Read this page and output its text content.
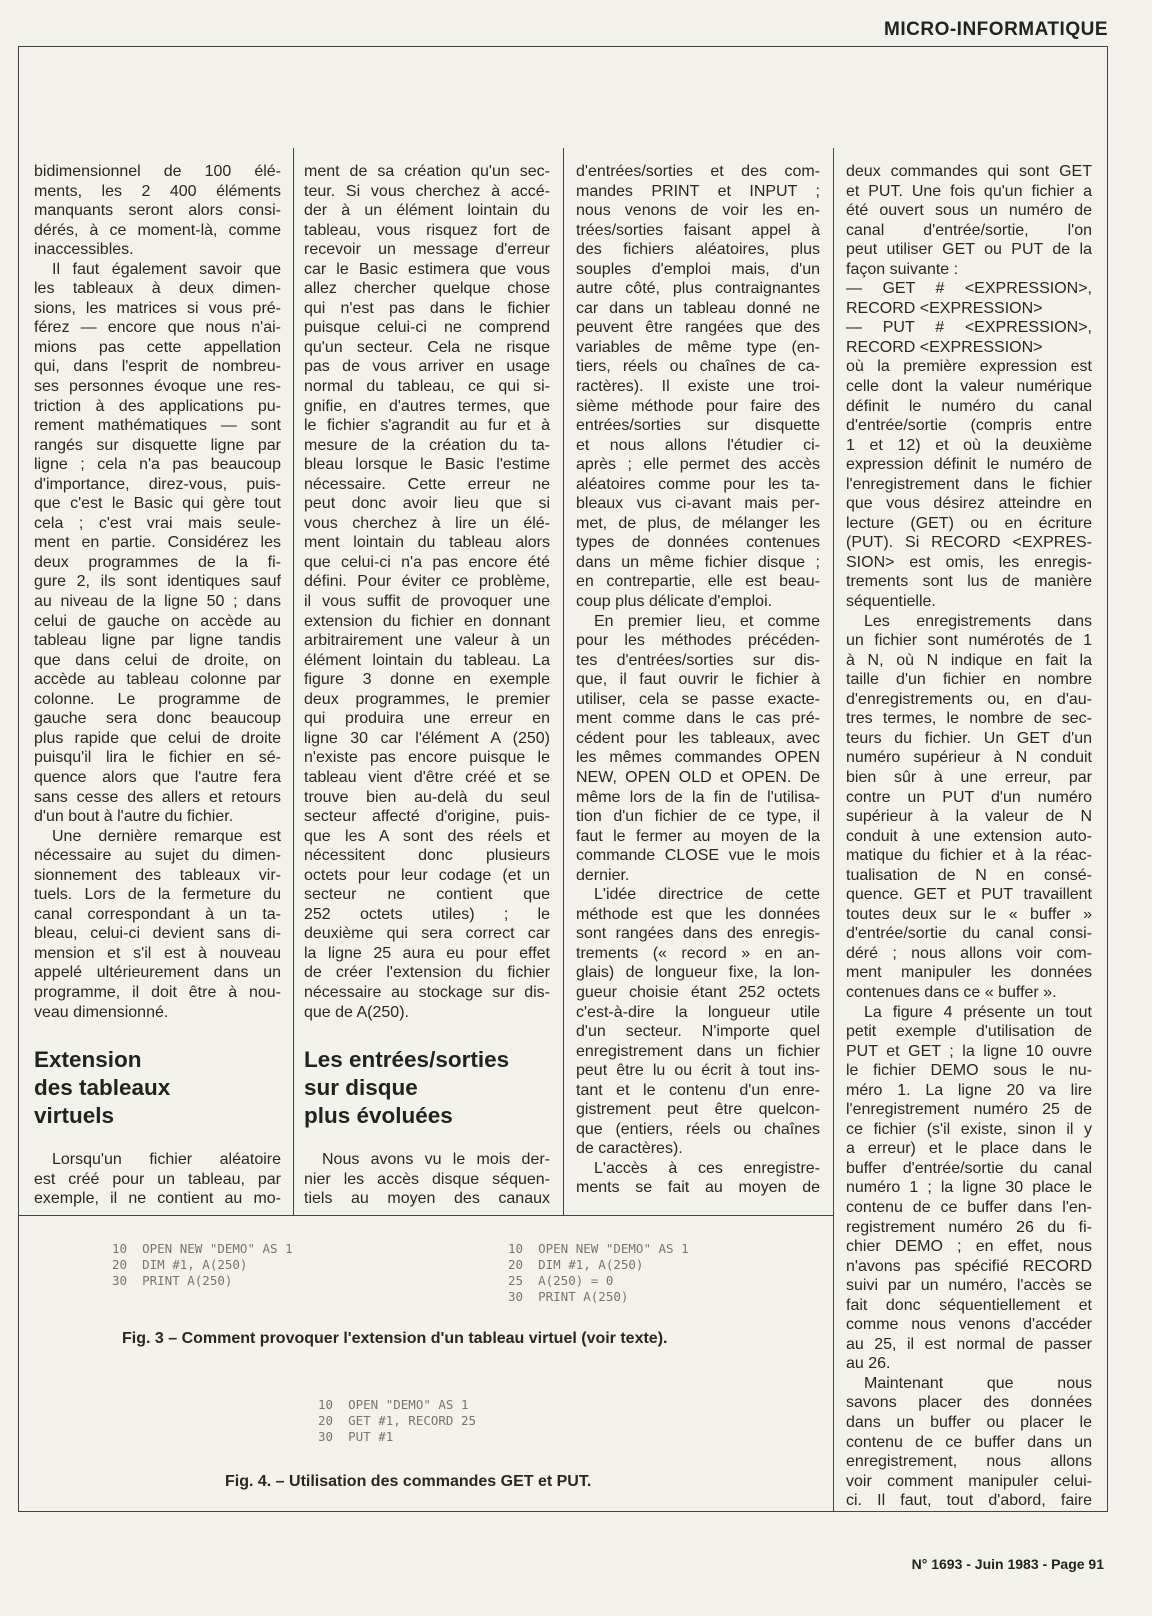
MICRO-INFORMATIQUE
bidimensionnel de 100 élé-
ments, les 2 400 éléments
manquants seront alors consi-
dérés, à ce moment-là, comme
inaccessibles.
Il faut également savoir que
les tableaux à deux dimen-
sions, les matrices si vous pré-
férez — encore que nous n'ai-
mions pas cette appellation
qui, dans l'esprit de nombreu-
ses personnes évoque une res-
triction à des applications pu-
rement mathématiques — sont
rangés sur disquette ligne par
ligne ; cela n'a pas beaucoup
d'importance, direz-vous, puis-
que c'est le Basic qui gère tout
cela ; c'est vrai mais seule-
ment en partie. Considérez les
deux programmes de la fi-
gure 2, ils sont identiques sauf
au niveau de la ligne 50 ; dans
celui de gauche on accède au
tableau ligne par ligne tandis
que dans celui de droite, on
accède au tableau colonne par
colonne. Le programme de
gauche sera donc beaucoup
plus rapide que celui de droite
puisqu'il lira le fichier en sé-
quence alors que l'autre fera
sans cesse des allers et retours
d'un bout à l'autre du fichier.
Une dernière remarque est
nécessaire au sujet du dimen-
sionnement des tableaux vir-
tuels. Lors de la fermeture du
canal correspondant à un ta-
bleau, celui-ci devient sans di-
mension et s'il est à nouveau
appelé ultérieurement dans un
programme, il doit être à nou-
veau dimensionné.
Extension
des tableaux
virtuels
Lorsqu'un fichier aléatoire
est créé pour un tableau, par
exemple, il ne contient au mo-
ment de sa création qu'un sec-
teur. Si vous cherchez à accé-
der à un élément lointain du
tableau, vous risquez fort de
recevoir un message d'erreur
car le Basic estimera que vous
allez chercher quelque chose
qui n'est pas dans le fichier
puisque celui-ci ne comprend
qu'un secteur. Cela ne risque
pas de vous arriver en usage
normal du tableau, ce qui si-
gnifie, en d'autres termes, que
le fichier s'agrandit au fur et à
mesure de la création du ta-
bleau lorsque le Basic l'estime
nécessaire. Cette erreur ne
peut donc avoir lieu que si
vous cherchez à lire un élé-
ment lointain du tableau alors
que celui-ci n'a pas encore été
défini. Pour éviter ce problème,
il vous suffit de provoquer une
extension du fichier en donnant
arbitrairement une valeur à un
élément lointain du tableau. La
figure 3 donne en exemple
deux programmes, le premier
qui produira une erreur en
ligne 30 car l'élément A (250)
n'existe pas encore puisque le
tableau vient d'être créé et se
trouve bien au-delà du seul
secteur affecté d'origine, puis-
que les A sont des réels et
nécessitent donc plusieurs
octets pour leur codage (et un
secteur ne contient que
252 octets utiles) ; le
deuxième qui sera correct car
la ligne 25 aura eu pour effet
de créer l'extension du fichier
nécessaire au stockage sur dis-
que de A(250).
Les entrées/sorties
sur disque
plus évoluées
Nous avons vu le mois der-
nier les accès disque séquen-
tiels au moyen des canaux
d'entrées/sorties et des com-
mandes PRINT et INPUT ;
nous venons de voir les en-
trées/sorties faisant appel à
des fichiers aléatoires, plus
souples d'emploi mais, d'un
autre côté, plus contraignantes
car dans un tableau donné ne
peuvent être rangées que des
variables de même type (en-
tiers, réels ou chaînes de ca-
ractères). Il existe une troi-
sième méthode pour faire des
entrées/sorties sur disquette
et nous allons l'étudier ci-
après ; elle permet des accès
aléatoires comme pour les ta-
bleaux vus ci-avant mais per-
met, de plus, de mélanger les
types de données contenues
dans un même fichier disque ;
en contrepartie, elle est beau-
coup plus délicate d'emploi.
En premier lieu, et comme
pour les méthodes précéden-
tes d'entrées/sorties sur dis-
que, il faut ouvrir le fichier à
utiliser, cela se passe exacte-
ment comme dans le cas pré-
cédent pour les tableaux, avec
les mêmes commandes OPEN
NEW, OPEN OLD et OPEN. De
même lors de la fin de l'utilisa-
tion d'un fichier de ce type, il
faut le fermer au moyen de la
commande CLOSE vue le mois
dernier.
L'idée directrice de cette
méthode est que les données
sont rangées dans des enregis-
trements (« record » en an-
glais) de longueur fixe, la lon-
gueur choisie étant 252 octets
c'est-à-dire la longueur utile
d'un secteur. N'importe quel
enregistrement dans un fichier
peut être lu ou écrit à tout ins-
tant et le contenu d'un enre-
gistrement peut être quelcon-
que (entiers, réels ou chaînes
de caractères).
L'accès à ces enregistre-
ments se fait au moyen de
deux commandes qui sont GET
et PUT. Une fois qu'un fichier a
été ouvert sous un numéro de
canal d'entrée/sortie, l'on
peut utiliser GET ou PUT de la
façon suivante :
— GET # <EXPRESSION>,
RECORD <EXPRESSION>
— PUT # <EXPRESSION>,
RECORD <EXPRESSION>
où la première expression est
celle dont la valeur numérique
définit le numéro du canal
d'entrée/sortie (compris entre
1 et 12) et où la deuxième
expression définit le numéro de
l'enregistrement dans le fichier
que vous désirez atteindre en
lecture (GET) ou en écriture
(PUT). Si RECORD <EXPRES-
SION> est omis, les enregis-
trements sont lus de manière
séquentielle.
Les enregistrements dans
un fichier sont numérotés de 1
à N, où N indique en fait la
taille d'un fichier en nombre
d'enregistrements ou, en d'au-
tres termes, le nombre de sec-
teurs du fichier. Un GET d'un
numéro supérieur à N conduit
bien sûr à une erreur, par
contre un PUT d'un numéro
supérieur à la valeur de N
conduit à une extension auto-
matique du fichier et à la réac-
tualisation de N en consé-
quence. GET et PUT travaillent
toutes deux sur le « buffer »
d'entrée/sortie du canal consi-
déré ; nous allons voir com-
ment manipuler les données
contenues dans ce « buffer ».
La figure 4 présente un tout
petit exemple d'utilisation de
PUT et GET ; la ligne 10 ouvre
le fichier DEMO sous le nu-
méro 1. La ligne 20 va lire
l'enregistrement numéro 25 de
ce fichier (s'il existe, sinon il y
a erreur) et le place dans le
buffer d'entrée/sortie du canal
numéro 1 ; la ligne 30 place le
contenu de ce buffer dans l'en-
registrement numéro 26 du fi-
chier DEMO ; en effet, nous
n'avons pas spécifié RECORD
suivi par un numéro, l'accès se
fait donc séquentiellement et
comme nous venons d'accéder
au 25, il est normal de passer
au 26.
Maintenant que nous
savons placer des données
dans un buffer ou placer le
contenu de ce buffer dans un
enregistrement, nous allons
voir comment manipuler celui-
ci. Il faut, tout d'abord, faire
10  OPEN NEW "DEMO" AS 1
20  DIM #1, A(250)
30  PRINT A(250)
10  OPEN NEW "DEMO" AS 1
20  DIM #1, A(250)
25  A(250) = 0
30  PRINT A(250)
Fig. 3 – Comment provoquer l'extension d'un tableau virtuel (voir texte).
10  OPEN "DEMO" AS 1
20  GET #1, RECORD 25
30  PUT #1
Fig. 4. – Utilisation des commandes GET et PUT.
N° 1693 - Juin 1983 - Page 91
